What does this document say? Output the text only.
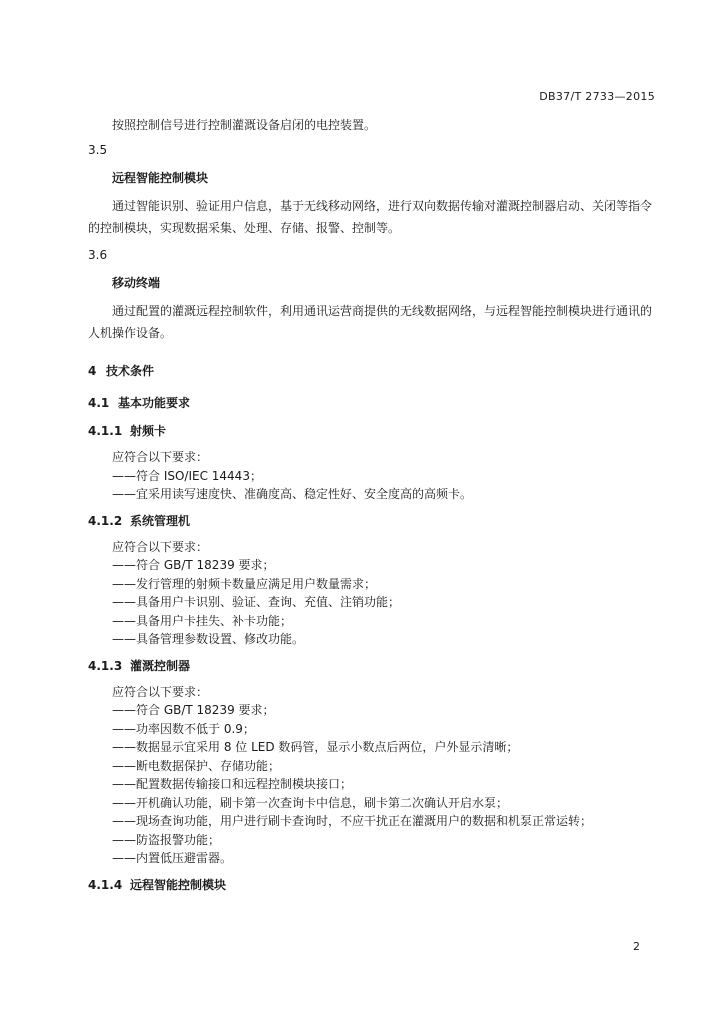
DB37/T 2733—2015
按照控制信号进行控制灌溉设备启闭的电控装置。
3.5
远程智能控制模块
通过智能识别、验证用户信息，基于无线移动网络，进行双向数据传输对灌溉控制器启动、关闭等指令的控制模块，实现数据采集、处理、存储、报警、控制等。
3.6
移动终端
通过配置的灌溉远程控制软件，利用通讯运营商提供的无线数据网络，与远程智能控制模块进行通讯的人机操作设备。
4 技术条件
4.1 基本功能要求
4.1.1 射频卡
应符合以下要求：
——符合 ISO/IEC 14443；
——宜采用读写速度快、准确度高、稳定性好、安全度高的高频卡。
4.1.2 系统管理机
应符合以下要求：
——符合 GB/T 18239 要求；
——发行管理的射频卡数量应满足用户数量需求；
——具备用户卡识别、验证、查询、充值、注销功能；
——具备用户卡挂失、补卡功能；
——具备管理参数设置、修改功能。
4.1.3 灌溉控制器
应符合以下要求：
——符合 GB/T 18239 要求；
——功率因数不低于 0.9；
——数据显示宜采用 8 位 LED 数码管，显示小数点后两位，户外显示清晰；
——断电数据保护、存储功能；
——配置数据传输接口和远程控制模块接口；
——开机确认功能，刷卡第一次查询卡中信息，刷卡第二次确认开启水泵；
——现场查询功能，用户进行刷卡查询时，不应干扰正在灌溉用户的数据和机泵正常运转；
——防盗报警功能；
——内置低压避雷器。
4.1.4 远程智能控制模块
2
